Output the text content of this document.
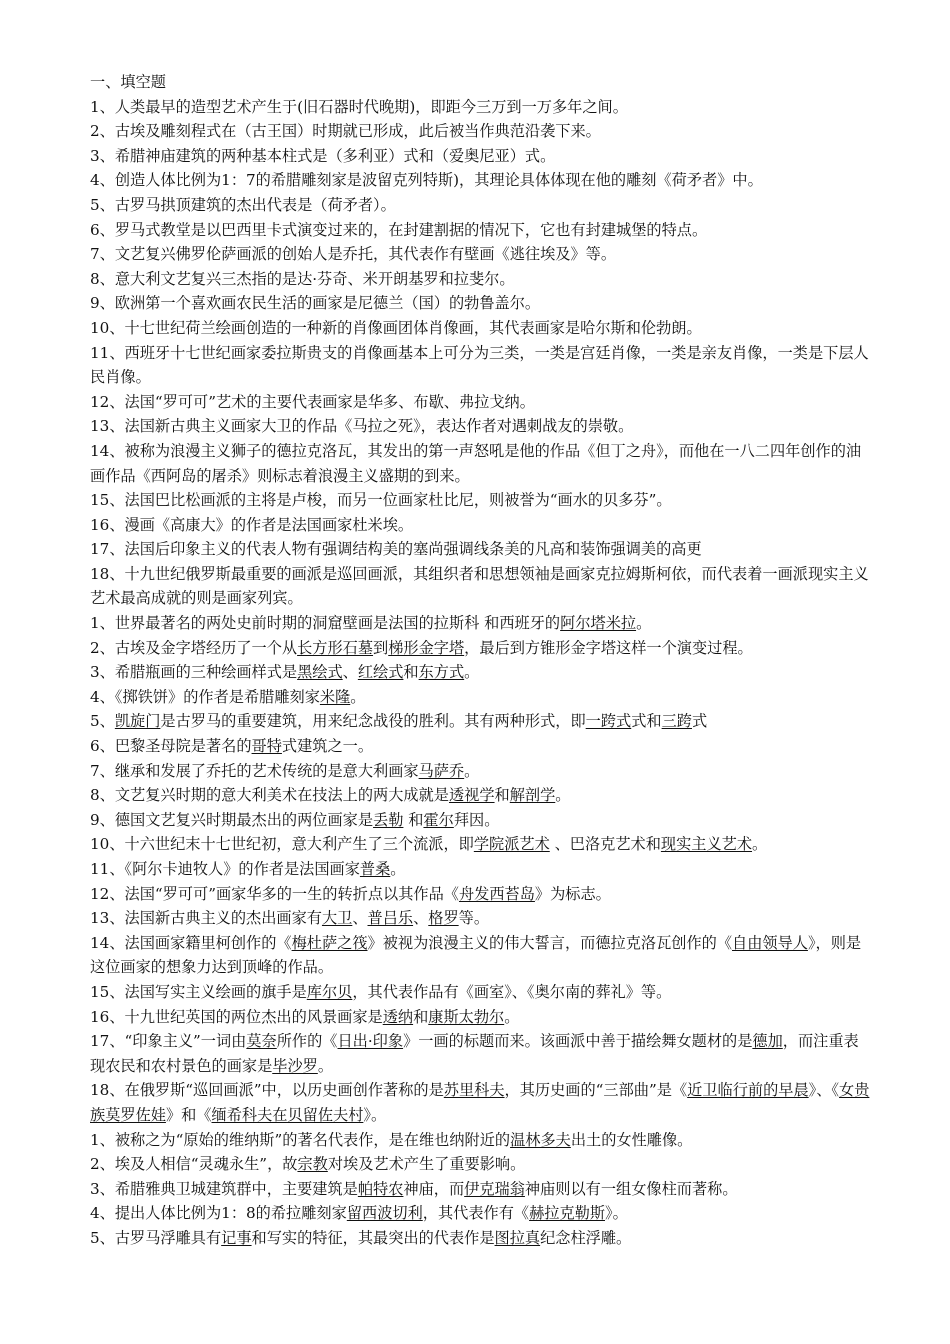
一、填空题

1、人类最早的造型艺术产生于(旧石器时代晚期)，即距今三万到一万多年之间。

2、古埃及雕刻程式在（古王国）时期就已形成，此后被当作典范沿袭下来。

3、希腊神庙建筑的两种基本柱式是（多利亚）式和（爱奥尼亚）式。

4、创造人体比例为1：7的希腊雕刻家是波留克列特斯)，其理论具体体现在他的雕刻《荷矛者》中。

5、古罗马拱顶建筑的杰出代表是（荷矛者）。

6、罗马式教堂是以巴西里卡式演变过来的，在封建割据的情况下，它也有封建城堡的特点。

7、文艺复兴佛罗伦萨画派的创始人是乔托，其代表作有壁画《逃往埃及》等。

8、意大利文艺复兴三杰指的是达·芬奇、米开朗基罗和拉斐尔。

9、欧洲第一个喜欢画农民生活的画家是尼德兰（国）的勃鲁盖尔。

10、十七世纪荷兰绘画创造的一种新的肖像画团体肖像画，其代表画家是哈尔斯和伦勃朗。

11、西班牙十七世纪画家委拉斯贵支的肖像画基本上可分为三类，一类是宫廷肖像，一类是亲友肖像，一类是下层人民肖像。

12、法国“罗可可”艺术的主要代表画家是华多、布歇、弗拉戈纳。

13、法国新古典主义画家大卫的作品《马拉之死》，表达作者对遇刺战友的崇敬。

14、被称为浪漫主义狮子的德拉克洛瓦，其发出的第一声怒吼是他的作品《但丁之舟》，而他在一八二四年创作的油画作品《西阿岛的屠杀》则标志着浪漫主义盛期的到来。

15、法国巴比松画派的主将是卢梭，而另一位画家杜比尼，则被誉为“画水的贝多芬”。

16、漫画《高康大》的作者是法国画家杜米埃。

17、法国后印象主义的代表人物有强调结构美的塞尚强调线条美的凡高和装饰强调美的高更

18、十九世纪俄罗斯最重要的画派是巡回画派，其组织者和思想领袖是画家克拉姆斯柯依，而代表着一画派现实主义艺术最高成就的则是画家列宾。

1、世界最著名的两处史前时期的洞窟壁画是法国的拉斯科 和西班牙的阿尔塔米拉。

2、古埃及金字塔经历了一个从长方形石墓到梯形金字塔，最后到方锥形金字塔这样一个演变过程。

3、希腊瓶画的三种绘画样式是黑绘式、红绘式和东方式。

4、《掷铁饼》的作者是希腊雕刻家米隆。

5、凯旋门是古罗马的重要建筑，用来纪念战役的胜利。其有两种形式，即一跨式式和三跨式

6、巴黎圣母院是著名的哥特式建筑之一。

7、继承和发展了乔托的艺术传统的是意大利画家马萨乔。

8、文艺复兴时期的意大利美术在技法上的两大成就是透视学和解剖学。

9、德国文艺复兴时期最杰出的两位画家是丢勒 和霍尔拜因。

10、十六世纪末十七世纪初，意大利产生了三个流派，即学院派艺术 、巴洛克艺术和现实主义艺术。

11、《阿尔卡迪牧人》的作者是法国画家普桑。

12、法国“罗可可”画家华多的一生的转折点以其作品《舟发西苔岛》为标志。

13、法国新古典主义的杰出画家有大卫、普吕乐、格罗等。

14、法国画家籍里柯创作的《梅杜萨之筏》被视为浪漫主义的伟大誓言，而德拉克洛瓦创作的《自由领导人》，则是这位画家的想象力达到顶峰的作品。

15、法国写实主义绘画的旗手是库尔贝，其代表作品有《画室》、《奥尔南的葬礼》等。

16、十九世纪英国的两位杰出的风景画家是透纳和康斯太勃尔。

17、“印象主义”一词由莫奈所作的《日出·印象》一画的标题而来。该画派中善于描绘舞女题材的是德加，而注重表现农民和农村景色的画家是毕沙罗。

18、在俄罗斯“巡回画派”中，以历史画创作著称的是苏里科夫，其历史画的“三部曲”是《近卫临行前的早晨》、《女贵族莫罗佐娃》和《缅希科夫在贝留佐夫村》。

1、被称之为“原始的维纳斯”的著名代表作，是在维也纳附近的温林多夫出土的女性雕像。

2、埃及人相信“灵魂永生”，故宗教对埃及艺术产生了重要影响。

3、希腊雅典卫城建筑群中，主要建筑是帕特农神庙，而伊克瑞翁神庙则以有一组女像柱而著称。

4、提出人体比例为1：8的希拉雕刻家留西波切利，其代表作有《赫拉克勒斯》。

5、古罗马浮雕具有记事和写实的特征，其最突出的代表作是图拉真纪念柱浮雕。
